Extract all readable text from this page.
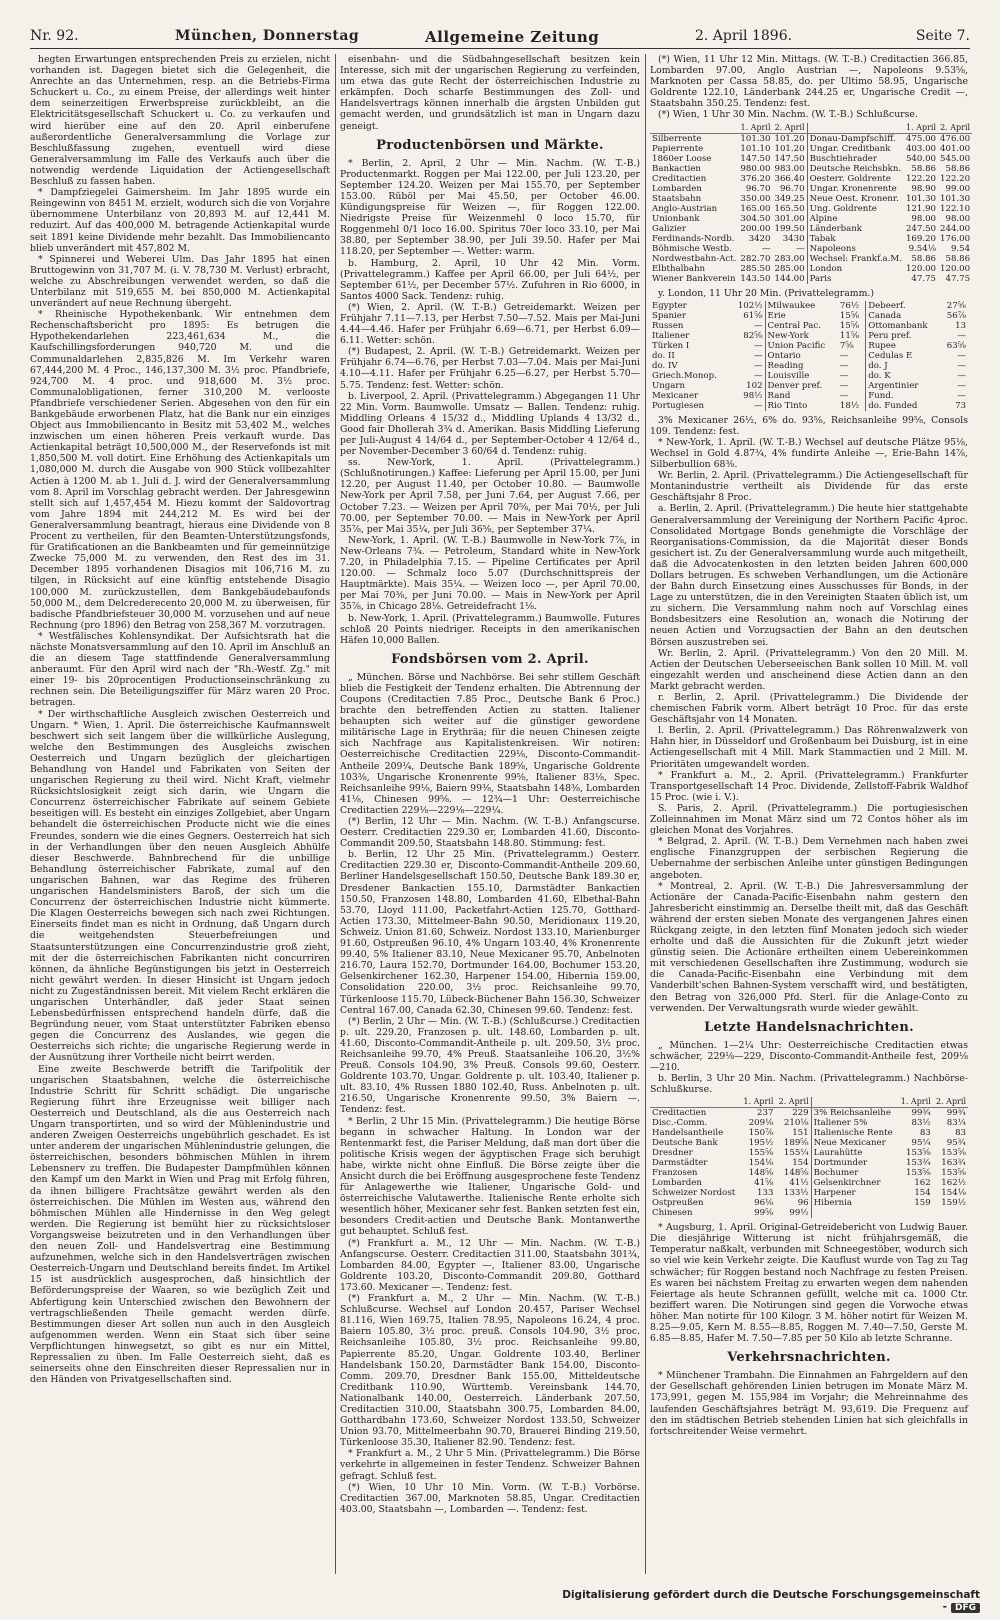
Nr. 92.	München, Donnerstag	Allgemeine Zeitung	2. April 1896.	Seite 7.

hegten Erwartungen entsprechenden Preis zu erzielen, nicht vorhanden ist. Dagegen bietet sich die Gelegenheit, die Anrechte an das Unternehmen, resp. an die Betriebs-Firma Schuckert u. Co., zu einem Preise, der allerdings weit hinter dem seinerzeitigen Erwerbspreise zurückbleibt, an die Elektricitätsgesellschaft Schuckert u. Co. zu verkaufen und wird hierüber eine auf den 20. April einberufene außerordentliche Generalversammlung die Vorlage zur Beschlußfassung zugehen, eventuell wird diese Generalversammlung im Falle des Verkaufs auch über die notwendig werdende Liquidation der Actiengesellschaft Beschluß zu fassen haben.

* Dampfziegelei Gaimersheim. Im Jahr 1895 wurde ein Reingewinn von 8451 M. erzielt, wodurch sich die von Vorjahre übernommene Unterbilanz von 20,893 M. auf 12,441 M. reduzirt. Auf das 400,000 M. betragende Actienkapital wurde seit 1891 keine Dividende mehr bezahlt. Das Immobiliencanto blieb unverändert mit 457,802 M.

* Spinnerei und Weberei Ulm. Das Jahr 1895 hat einen Bruttogewinn von 31,707 M. (i. V. 78,730 M. Verlust) erbracht, welche zu Abschreibungen verwendet werden, so daß die Unterbilanz mit 519,655 M. bei 850,000 M. Actienkapital unverändert auf neue Rechnung übergeht.

* Rheinische Hypothekenbank. Wir entnehmen dem Rechenschaftsbericht pro 1895: Es betrugen die Hypothekendarlehen 223,461,634 M., die Kaufschillingsforderungen 940,720 M. und die Communaldarlehen 2,835,826 M. Im Verkehr waren 67,444,200 M. 4 Proc., 146,137,300 M. 3½ proc. Pfandbriefe, 924,700 M. 4 proc. und 918,600 M. 3½ proc. Communalobligationen, ferner 310,200 M. verlooste Pfandbriefe verschiedener Serien. Abgesehen von den für ein Bankgebäude erworbenen Platz, hat die Bank nur ein einziges Object aus Immobiliencanto in Besitz mit 53,402 M., welches inzwischen um einen höheren Preis verkauft wurde. Das Actienkapital beträgt 10,500,000 M., der Reservefonds ist mit 1,850,500 M. voll dotirt. Eine Erhöhung des Actienkapitals um 1,080,000 M. durch die Ausgabe von 900 Stück vollbezahlter Actien à 1200 M. ab 1. Juli d. J. wird der Generalversammlung vom 8. April im Vorschlag gebracht werden. Der Jahresgewinn stellt sich auf 1,457,454 M. Hiezu kommt der Saldovortrag vom Jahre 1894 mit 244,212 M. Es wird bei der Generalversammlung beantragt, hieraus eine Dividende von 8 Procent zu vertheilen, für den Beamten-Unterstützungsfonds, für Gratificationen an die Bankbeamten und für gemeinnützige Zwecke 75,000 M. zu verwenden, den Rest des im 31. December 1895 vorhandenen Disagios mit 106,716 M. zu tilgen, in Rücksicht auf eine künftig entstehende Disagio 100,000 M. zurückzustellen, dem Bankgebäudebaufonds 50,000 M., dem Delcrederecento 20,000 M. zu überweisen, für badische Pfandbriefsteuer 30,000 M. vorzusehen und auf neue Rechnung (pro 1896) den Betrag von 258,367 M. vorzutragen.

* Westfälisches Kohlensyndikat. Der Aufsichtsrath hat die nächste Monatsversammlung auf den 10. April im Anschluß an die an diesem Tage stattfindende Generalversammlung anberaumt. Für den April wird nach der "Rh.-Westf. Zg." mit einer 19- bis 20procentigen Productionseinschränkung zu rechnen sein. Die Beteiligungsziffer für März waren 20 Proc. betragen.

* Der wirthschaftliche Ausgleich zwischen Oesterreich und Ungarn. * Wien, 1. April. Die österreichische Kaufmannswelt beschwert sich seit langem über die willkürliche Auslegung, welche den Bestimmungen des Ausgleichs zwischen Oesterreich und Ungarn bezüglich der gleichartigen Behandlung von Handel und Fabrikaten von Seiten der ungarischen Regierung zu theil wird. Nicht Kraft, vielmehr Rücksichtslosigkeit zeigt sich darin, wie Ungarn die Concurrenz österreichischer Fabrikate auf seinem Gebiete beseitigen will. Es besteht ein einziges Zollgebiet, aber Ungarn behandelt die österreichischen Producte nicht wie die eines Freundes, sondern wie die eines Gegners. Oesterreich hat sich in der Verhandlungen über den neuen Ausgleich Abhülfe dieser Beschwerde. Bahnbrechend für die unbillige Behandlung österreichischer Fabrikate, zumal auf den ungarischen Bahnen, war das Regime des früheren ungarischen Handelsministers Baroß, der sich um die Concurrenz der österreichischen Industrie nicht kümmerte. Die Klagen Oesterreichs bewegen sich nach zwei Richtungen. Einerseits findet man es nicht in Ordnung, daß Ungarn durch die weitgehendsten Steuerbefreiungen und Staatsunterstützungen eine Concurrenzindustrie groß zieht, mit der die österreichischen Fabrikanten nicht concurriren können, da ähnliche Begünstigungen bis jetzt in Oesterreich nicht gewährt werden. In dieser Hinsicht ist Ungarn jedoch nicht zu Zugeständnissen bereit. Mit vielem Recht erklären die ungarischen Unterhändler, daß jeder Staat seinen Lebensbedürfnissen entsprechend handeln dürfe, daß die Begründung neuer, vom Staat unterstützter Fabriken ebenso gegen die Concurrenz des Auslandes, wie gegen die Oesterreichs sich richte; die ungarische Regierung werde in der Ausnützung ihrer Vortheile nicht beirrt werden.

Eine zweite Beschwerde betrifft die Tarifpolitik der ungarischen Staatsbahnen, welche die österreichische Industrie Schritt für Schritt schädigt. Die ungarische Regierung führt ihre Erzeugnisse weit billiger nach Oesterreich und Deutschland, als die aus Oesterreich nach Ungarn transportirten, und so wird der Mühlenindustrie und anderen Zweigen Oesterreichs ungebührlich geschadet. Es ist unter anderem der ungarischen Mühlenindustrie gelungen, die österreichischen, besonders böhmischen Mühlen in ihrem Lebensnerv zu treffen. Die Budapester Dampfmühlen können den Kampf um den Markt in Wien und Prag mit Erfolg führen, da ihnen billigere Frachtsätze gewährt werden als den österreichischen. Die Mühlen im Westen aus, während den böhmischen Mühlen alle Hindernisse in den Weg gelegt werden. Die Regierung ist bemüht hier zu rücksichtsloser Vorgangsweise beizutreten und in den Verhandlungen über den neuen Zoll- und Handelsvertrag eine Bestimmung aufzunehmen, welche sich in den Handelsverträgen zwischen Oesterreich-Ungarn und Deutschland bereits findet. Im Artikel 15 ist ausdrücklich ausgesprochen, daß hinsichtlich der Beförderungspreise der Waaren, so wie bezüglich Zeit und Abfertigung kein Unterschied zwischen den Bewohnern der vertragschließenden Theile gemacht werden dürfe. Bestimmungen dieser Art sollen nun auch in den Ausgleich aufgenommen werden. Wenn ein Staat sich über seine Verpflichtungen hinwegsetzt, so gibt es nur ein Mittel, Repressalien zu üben. Im Falle Oesterreich sieht, daß es seinerseits ohne den Einschreiten dieser Repressalien nur in den Händen von Privatgesellschaften sind.

eisenbahn- und die Südbahngesellschaft besitzen kein Interesse, sich mit der ungarischen Regierung zu verfeinden, um etwa das gute Recht der österreichischen Industrie zu erkämpfen. Doch scharfe Bestimmungen des Zoll- und Handelsvertrags können innerhalb die ärgsten Unbilden gut gemacht werden, und grundsätzlich ist man in Ungarn dazu geneigt.

Productenbörsen und Märkte.

* Berlin, 2. April, 2 Uhr — Min. Nachm. (W. T.-B.) Productenmarkt. Roggen per Mai 122.00, per Juli 123.20, per September 124.20. Weizen per Mai 155.70, per September 153.00. Rüböl per Mai 45.50, per October 46.00. Kündigungspreise für Weizen —, für Roggen 122.00. Niedrigste Preise für Weizenmehl 0 loco 15.70, für Roggenmehl 0/1 loco 16.00. Spiritus 70er loco 33.10, per Mai 38.80, per September 38.90, per Juli 39.50. Hafer per Mai 118.20, per September —. Wetter: warm.

b. Hamburg, 2. April, 10 Uhr 42 Min. Vorm. (Privattelegramm.) Kaffee per April 66.00, per Juli 64½, per September 61½, per December 57½. Zufuhren in Rio 6000, in Santos 4000 Sack. Tendenz: ruhig.

(*) Wien, 2. April. (W. T.-B.) Getreidemarkt. Weizen per Frühjahr 7.11—7.13, per Herbst 7.50—7.52. Mais per Mai-Juni 4.44—4.46. Hafer per Frühjahr 6.69—6.71, per Herbst 6.09—6.11. Wetter: schön.

(*) Budapest, 2. April. (W. T.-B.) Getreidemarkt. Weizen per Frühjahr 6.74—6.76, per Herbst 7.03—7.04. Mais per Mai-Juni 4.10—4.11. Hafer per Frühjahr 6.25—6.27, per Herbst 5.70—5.75. Tendenz: fest. Wetter: schön.

b. Liverpool, 2. April. (Privattelegramm.) Abgegangen 11 Uhr 22 Min. Vorm. Baumwolle. Umsatz — Ballen. Tendenz: ruhig. Middling Orleans 4 15/32 d., Middling Uplands 4 13/32 d., Good fair Dhollerah 3¾ d. Amerikan. Basis Middling Lieferung per Juli-August 4 14/64 d., per September-October 4 12/64 d., per November-December 3 60/64 d. Tendenz: ruhig.

ss. New-York, 1. April. (Privattelegramm.) (Schlußnotirungen.) Kaffee: Lieferung per April 15.00, per Juni 12.20, per August 11.40, per October 10.80. — Baumwolle New-York per April 7.58, per Juni 7.64, per August 7.66, per October 7.23. — Weizen per April 70⅝, per Mai 70½, per Juli 70.00, per September 70.00. — Mais in New-York per April 35⅞, per Mai 35¼, per Juli 36⅝, per September 37¼.

New-York, 1. April. (W. T.-B.) Baumwolle in New-York 7⅞, in New-Orleans 7¾. — Petroleum, Standard white in New-York 7.20, in Philadelphia 7.15. — Pipeline Certificates per April 120.00. — Schmalz loco 5.07 (Durchschnittspreis der Hauptmärkte). Mais 35¼. — Weizen loco —, per April 70.00, per Mai 70⅜, per Juni 70.00. — Mais in New-York per April 35⅞, in Chicago 28⅛. Getreidefracht 1⅛.

b. New-York, 1. April. (Privattelegramm.) Baumwolle. Futures schloß 20 Points niedriger. Receipts in den amerikanischen Häfen 10,000 Ballen.

Fondsbörsen vom 2. April.

„ München. Börse und Nachbörse. Bei sehr stillem Geschäft blieb die Festigkeit der Tendenz erhalten. Die Abtrennung der Coupons (Creditactien 7.85 Proc., Deutsche Bank 6 Proc.) brachte den betreffenden Actien zu statten. Italiener behaupten sich weiter auf die günstiger gewordene militärische Lage in Erythräa; für die neuen Chinesen zeigte sich Nachfrage aus Kapitalistenkreisen. Wir notiren: Oesterreichische Creditactien 229⅛, Disconto-Commandit-Antheile 209¼, Deutsche Bank 189⅝, Ungarische Goldrente 103⅜, Ungarische Kronenrente 99⅝, Italiener 83⅛, Spec. Reichsanleihe 99⅛, Baiern 99⅜, Staatsbahn 148⅜, Lombarden 41⅛, Chinesen 99⅝. — 12¾—1 Uhr: Oesterreichische Creditactien 229⅛—229⅛—229¼.

(*) Berlin, 12 Uhr — Min. Nachm. (W. T.-B.) Anfangscurse. Oesterr. Creditactien 229.30 er, Lombarden 41.60, Disconto-Commandit 209.50, Staatsbahn 148.80. Stimmung: fest.

b. Berlin, 12 Uhr 25 Min. (Privattelegramm.) Oesterr. Creditactien 229.30 er, Disconto-Commandit-Antheile 209.60, Berliner Handelsgesellschaft 150.50, Deutsche Bank 189.30 er, Dresdener Bankactien 155.10, Darmstädter Bankactien 150.50, Franzosen 148.80, Lombarden 41.60, Elbethal-Bahn 53.70, Lloyd 111.00, Packetfahrt-Actien 125.70, Gotthard-Actien 173.30, Mittelmeer-Bahn 90.50, Meridionaux 119.20, Schweiz. Union 81.60, Schweiz. Nordost 133.10, Marienburger 91.60, Ostpreußen 96.10, 4% Ungarn 103.40, 4% Kronenrente 99.40, 5% Italiener 83.10, Neue Mexicaner 95.70, Anbelnoten 216.70, Laura 152.70, Dortmunder 164.00, Bochumer 153.20, Gelsenkirchener 162.30, Harpener 154.00, Hibernia 159.00, Consolidation 220.00, 3½ proc. Reichsanleihe 99.70, Türkenloose 115.70, Lübeck-Büchener Bahn 156.30, Schweizer Central 167.00, Canada 62.30, Chinesen 99.60. Tendenz: fest.

(*) Berlin, 2 Uhr — Min. (W. T.-B.) (Schlußcurse.) Creditactien p. ult. 229.20, Franzosen p. ult. 148.60, Lombarden p. ult. 41.60, Disconto-Commandit-Antheile p. ult. 209.50, 3½ proc. Reichsanleihe 99.70, 4% Preuß. Staatsanleihe 106.20, 3½% Preuß. Consols 104.90, 3% Preuß. Consols 99.60, Oesterr. Goldrente 103.70, Ungar. Goldrente p. ult. 103.40, Italiener p. ult. 83.10, 4% Russen 1880 102.40, Russ. Anbelnoten p. ult. 216.50, Ungarische Kronenrente 99.50, 3% Baiern —. Tendenz: fest.

* Berlin, 2 Uhr 15 Min. (Privattelegramm.) Die heutige Börse begann in schwacher Haltung. In London war der Rentenmarkt fest, die Pariser Meldung, daß man dort über die politische Krisis wegen der ägyptischen Frage sich beruhigt habe, wirkte nicht ohne Einfluß. Die Börse zeigte über die Ansicht durch die bei Eröffnung ausgesprochene feste Tendenz für Anlagewerthe wie Italiener, Ungarische Gold- und österreichische Valutawerthe. Italienische Rente erholte sich wesentlich höher, Mexicaner sehr fest. Banken setzten fest ein, besonders Credit-actien und Deutsche Bank. Montanwerthe gut behauptet. Schluß fest.

(*) Frankfurt a. M., 12 Uhr — Min. Nachm. (W. T.-B.) Anfangscurse. Oesterr. Creditactien 311.00, Staatsbahn 301¾, Lombarden 84.00, Egypter —, Italiener 83.00, Ungarische Goldrente 103.20, Disconto-Commandit 209.80, Gotthard 173.60. Mexicaner —. Tendenz: fest.

(*) Frankfurt a. M., 2 Uhr — Min. Nachm. (W. T.-B.) Schlußcurse. Wechsel auf London 20.457, Pariser Wechsel 81.116, Wien 169.75, Italien 78.95, Napoleons 16.24, 4 proc. Baiern 105.80, 3½ proc. preuß. Consols 104.90, 3½ proc. Reichsanleihe 105.80, 3½ proc. Reichsanleihe 99.80, Papierrente 85.20, Ungar. Goldrente 103.40, Berliner Handelsbank 150.20, Darmstädter Bank 154.00, Disconto-Comm. 209.70, Dresdner Bank 155.00, Mitteldeutsche Creditbank 110.90, Württemb. Vereinsbank 144.70, Nationalbank 140.00, Oesterreich. Länderbank 207.50, Creditactien 310.00, Staatsbahn 300.75, Lombarden 84.00, Gotthardbahn 173.60, Schweizer Nordost 133.50, Schweizer Union 93.70, Mittelmeerbahn 90.70, Brauerei Binding 219.50, Türkenloose 35.30, Italiener 82.90. Tendenz: fest.

* Frankfurt a. M., 2 Uhr 5 Min. (Privattelegramm.) Die Börse verkehrte in allgemeinen in fester Tendenz. Schweizer Bahnen gefragt. Schluß fest.

(*) Wien, 10 Uhr 10 Min. Vorm. (W. T.-B.) Vorbörse. Creditactien 367.00, Marknoten 58.85, Ungar. Creditactien 403.00, Staatsbahn —, Lombarden —. Tendenz: fest.

(*) Wien, 11 Uhr 12 Min. Mittags. (W. T.-B.) Creditactien 366.85, Lombarden 97.00, Anglo Austrian —, Napoleons 9.53⅝, Marknoten per Cassa 58.85, do. per Ultimo 58.95, Ungarische Goldrente 122.10, Länderbank 244.25 er, Ungarische Credit —, Staatsbahn 350.25. Tendenz: fest.

(*) Wien, 1 Uhr 30 Min. Nachm. (W. T.-B.) Schlußcurse.

	1. April	2. April		1. April	2. April
Silberrente	101.30	101.20	Donau-Dampfschiff.	475.00	476.00
Papierrente	101.10	101.20	Ungar. Creditbank	403.00	401.00
1860er Loose	147.50	147.50	Buschtiehrader	540.00	545.00
Bankactien	980.00	983.00	Deutsche Reichsbkn.	58.86	58.86
Creditactien	376.20	366.40	Oesterr. Goldrente	122.20	122.20
Lombarden	96.70	96.70	Ungar. Kronenrente	98.90	99.00
Staatsbahn	350.00	349.25	Neue Oest. Kronenr.	101.30	101.30
Anglo-Austrian	165.00	165.50	Ung. Goldrente	121.90	122.10
Unionbank	304.50	301.00	Alpine	98.00	98.00
Galizier	200.00	199.50	Länderbank	247.50	244.00
Ferdinands-Nordb.	3420	3430	Tabak	169.20	176.00
Böhmische Westb.	—	—	Napoleons	9.54⅛	9.54
Nordwestbahn-Act.	282.70	283.00	Wechsel: Frankf.a.M.	58.86	58.86
Elbthalbahn	285.50	285.00	London	120.00	120.00
Wiener Bankverein	143.50	144.00	Paris	47.75	47.75

y. London, 11 Uhr 20 Min. (Privattelegramm.)

Egypter	102½	Milwaukee	76½	Debeerf.	27⅝
Spanier	61⅝	Erie	15⅝	Canada	56⅞
Russen	—	Central Pac.	15⅝	Ottomanbank	13
Italiener	82⅝	New-York	11⅝	Peru pref.	—
Türken I	—	Union Pacific	7⅝	Rupee	63⅝
do. II	—	Ontario	—	Cedulas E	—
do. IV	—	Reading	—	do. J	—
Griech.Monop.	—	Louisville	—	do. K	—
Ungarn	102	Denver pref.	—	Argentinier	—
Mexicaner	98½	Rand	—	Fund.	—
Portugiesen	—	Rio Tinto	18½	do. Funded	73

3% Mexicaner 26½, 6% do. 93⅝, Reichsanleihe 99⅝, Consols 109. Tendenz: fest.

* New-York, 1. April. (W. T.-B.) Wechsel auf deutsche Plätze 95⅛, Wechsel in Gold 4.87¾, 4% fundirte Anleihe —, Erie-Bahn 14⅞, Silberbullion 68⅜.

Wr. Berlin, 2. April. (Privattelegramm.) Die Actiengesellschaft für Montanindustrie vertheilt als Dividende für das erste Geschäftsjahr 8 Proc.

a. Berlin, 2. April. (Privattelegramm.) Die heute hier stattgehabte Generalversammlung der Vereinigung der Northern Pacific 4proc. Consolidated Mortgage Bonds genehmigte die Vorschläge der Reorganisations-Commission, da die Majorität dieser Bonds gesichert ist. Zu der Generalversammlung wurde auch mitgetheilt, daß die Advocatenkosten in den letzten beiden Jahren 600,000 Dollars betrugen. Es schweben Verhandlungen, um die Actionäre der Bahn durch Einsetzung eines Ausschusses für Bonds, in der Lage zu unterstützen, die in den Vereinigten Staaten üblich ist, um zu sichern. Die Versammlung nahm noch auf Vorschlag eines Bondsbesitzers eine Resolution an, wonach die Notirung der neuen Actien und Vorzugsactien der Bahn an den deutschen Börsen auszustreben sei.

Wr. Berlin, 2. April. (Privattelegramm.) Von den 20 Mill. M. Actien der Deutschen Ueberseeischen Bank sollen 10 Mill. M. voll eingezahlt werden und anscheinend diese Actien dann an den Markt gebracht werden.

r. Berlin, 2. April. (Privattelegramm.) Die Dividende der chemischen Fabrik vorm. Albert beträgt 10 Proc. für das erste Geschäftsjahr von 14 Monaten.

l. Berlin, 2. April. (Privattelegramm.) Das Röhrenwalzwerk von Hahn hier, in Düsseldorf und Großenbaum bei Duisburg, ist in eine Actiengesellschaft mit 4 Mill. Mark Stammactien und 2 Mill. M. Prioritäten umgewandelt worden.

* Frankfurt a. M., 2. April. (Privattelegramm.) Frankfurter Transportgesellschaft 14 Proc. Dividende, Zellstoff-Fabrik Waldhof 15 Proc. (wie i. V.).

S. Paris, 2. April. (Privattelegramm.) Die portugiesischen Zolleinnahmen im Monat März sind um 72 Contos höher als im gleichen Monat des Vorjahres.

* Belgrad, 2. April. (W. T.-B.) Dem Vernehmen nach haben zwei englische Finanzgruppen der serbischen Regierung die Uebernahme der serbischen Anleihe unter günstigen Bedingungen angeboten.

* Montreal, 2. April. (W. T.-B.) Die Jahresversammlung der Actionäre der Canada-Pacific-Eisenbahn nahm gestern den Jahresbericht einstimmig an. Derselbe theilt mit, daß das Geschäft während der ersten sieben Monate des vergangenen Jahres einen Rückgang zeigte, in den letzten fünf Monaten jedoch sich wieder erholte und daß die Aussichten für die Zukunft jetzt wieder günstig seien. Die Actionäre ertheilten einem Uebereinkommen mit verschiedenen Gesellschaften ihre Zustimmung, wodurch sie die Canada-Pacific-Eisenbahn eine Verbindung mit dem Vanderbilt'schen Bahnen-System verschafft wird, und bestätigten, den Betrag von 326,000 Pfd. Sterl. für die Anlage-Conto zu verwenden. Der Verwaltungsrath wurde wieder gewählt.

Letzte Handelsnachrichten.

„ München. 1—2¼ Uhr: Oesterreichische Creditactien etwas schwächer, 229⅛—229, Disconto-Commandit-Antheile fest, 209⅛—210.

b. Berlin, 3 Uhr 20 Min. Nachm. (Privattelegramm.) Nachbörse-Schlußkurse.

	1. April	2. April		1. April	2. April
Creditactien	237	229	3% Reichsanleihe	99¾	99¾
Disc.-Comm.	209⅛	210⅛	Italiener 5%	83½	83¼
Handelsantheile	150⅞	151	Italienische Rente	83	83
Deutsche Bank	195½	189⅝	Neue Mexicaner	95¼	95¾
Dresdner	155⅝	155¼	Laurahütte	153⅝	153⅝
Darmstädter	154⅛	154	Dortmunder	153¾	163¾
Franzosen	148⅝	148⅝	Bochumer	153⅝	153⅝
Lombarden	41⅝	41½	Gelsenkirchner	162	162½
Schweizer Nordost	133	133½	Harpener	154	154⅛
Ostpreußen	96⅛	96	Hibernia	159	159½
Chinesen	99⅝	99½			

* Augsburg, 1. April. Original-Getreidebericht von Ludwig Bauer. Die diesjährige Witterung ist nicht frühjahrsgemäß, die Temperatur naßkalt, verbunden mit Schneegestöber, wodurch sich so viel wie kein Verkehr zeigte. Die Kauflust wurde von Tag zu Tag schwächer; für Roggen bestand noch Nachfrage zu festen Preisen. Es waren bei nächstem Freitag zu erwarten wegen dem nahenden Feiertage als heute Schrannen gefüllt, welche mit ca. 1000 Ctr. beziffert waren. Die Notirungen sind gegen die Vorwoche etwas höher. Man notirte für 100 Kilogr. 3 M. höher notirt für Weizen M. 8.25—9.05, Kern M. 8.55—8.85, Roggen M. 7.40—7.50, Gerste M. 6.85—8.85, Hafer M. 7.50—7.85 per 50 Kilo ab letzte Schranne.

Verkehrsnachrichten.

* Münchener Trambahn. Die Einnahmen an Fahrgeldern auf den der Gesellschaft gehörenden Linien betrugen im Monate März M. 173,991, gegen M. 155,984 im Vorjahr; die Mehreinnahme des laufenden Geschäftsjahres beträgt M. 93,619. Die Frequenz auf den im städtischen Betrieb stehenden Linien hat sich gleichfalls in fortschreitender Weise vermehrt.

Digitalisierung gefördert durch die Deutsche Forschungsgemeinschaft - DFG
